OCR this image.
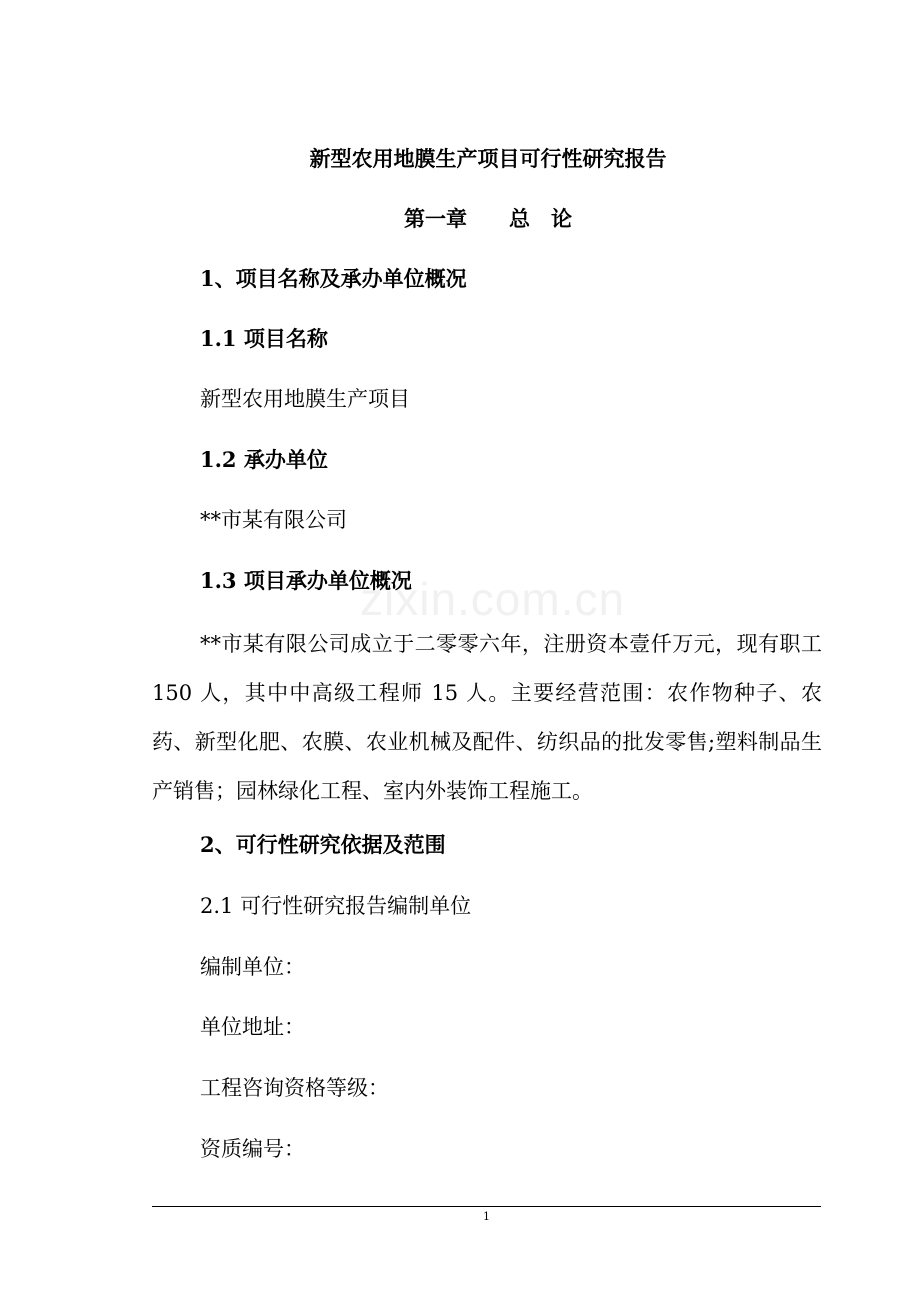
zixin.com.cn
新型农用地膜生产项目可行性研究报告
第一章 总 论
1、项目名称及承办单位概况
1.1 项目名称
新型农用地膜生产项目
1.2 承办单位
**市某有限公司
1.3 项目承办单位概况
**市某有限公司成立于二零零六年，注册资本壹仟万元，现有职工 150 人，其中中高级工程师 15 人。主要经营范围：农作物种子、农药、新型化肥、农膜、农业机械及配件、纺织品的批发零售;塑料制品生产销售；园林绿化工程、室内外装饰工程施工。
2、可行性研究依据及范围
2.1 可行性研究报告编制单位
编制单位：
单位地址：
工程咨询资格等级：
资质编号：
1
